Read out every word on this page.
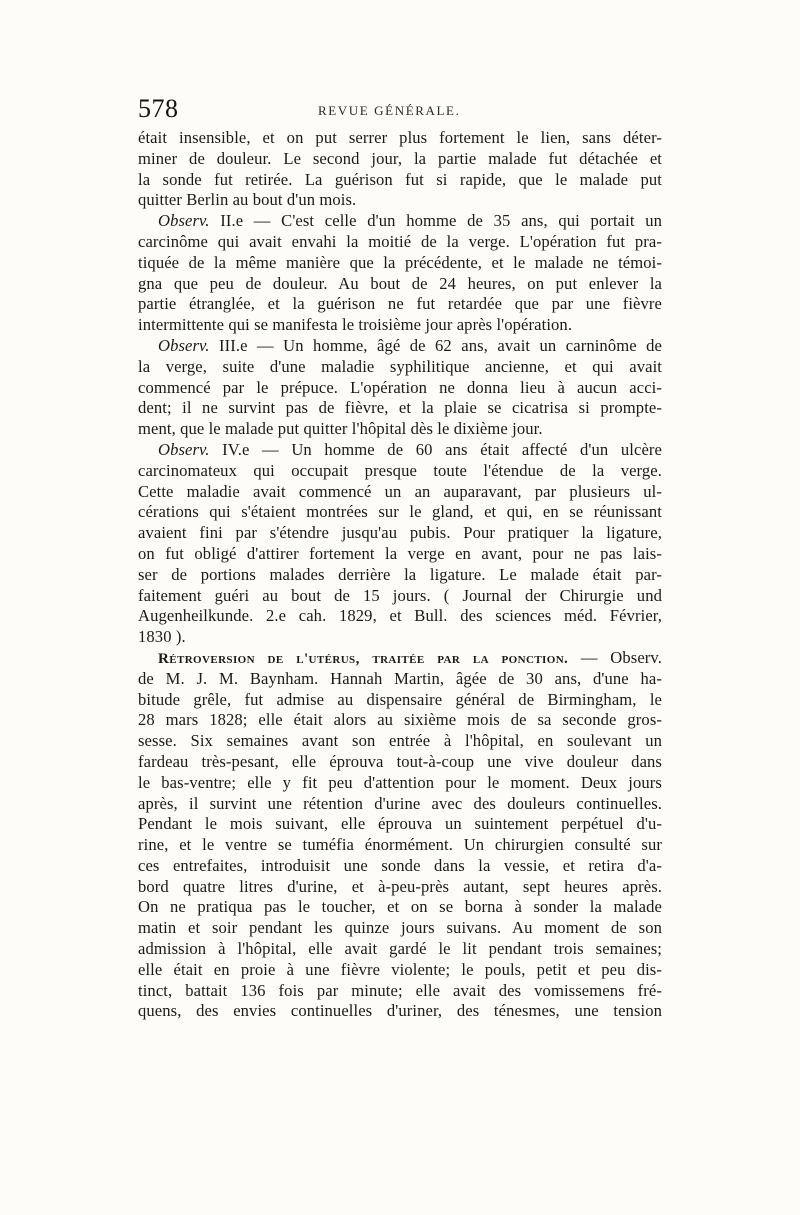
578	REVUE GÉNÉRALE.
était insensible, et on put serrer plus fortement le lien, sans déter-
miner de douleur. Le second jour, la partie malade fut détachée et
la sonde fut retirée. La guérison fut si rapide, que le malade put
quitter Berlin au bout d'un mois.
Observ. II.e — C'est celle d'un homme de 35 ans, qui portait un
carcinôme qui avait envahi la moitié de la verge. L'opération fut pra-
tiquée de la même manière que la précédente, et le malade ne témoi-
gna que peu de douleur. Au bout de 24 heures, on put enlever la
partie étranglée, et la guérison ne fut retardée que par une fièvre
intermittente qui se manifesta le troisième jour après l'opération.
Observ. III.e — Un homme, âgé de 62 ans, avait un carninôme de
la verge, suite d'une maladie syphilitique ancienne, et qui avait
commencé par le prépuce. L'opération ne donna lieu à aucun acci-
dent; il ne survint pas de fièvre, et la plaie se cicatrisa si prompte-
ment, que le malade put quitter l'hôpital dès le dixième jour.
Observ. IV.e — Un homme de 60 ans était affecté d'un ulcère
carcinomateux qui occupait presque toute l'étendue de la verge.
Cette maladie avait commencé un an auparavant, par plusieurs ul-
cérations qui s'étaient montrées sur le gland, et qui, en se réunissant
avaient fini par s'étendre jusqu'au pubis. Pour pratiquer la ligature,
on fut obligé d'attirer fortement la verge en avant, pour ne pas lais-
ser de portions malades derrière la ligature. Le malade était par-
faitement guéri au bout de 15 jours. ( Journal der Chirurgie und
Augenheilkunde. 2.e cah. 1829, et Bull. des sciences méd. Février,
1830 ).
Rétroversion de l'utérus, traitée par la ponction. — Observ.
de M. J. M. Baynham. Hannah Martin, âgée de 30 ans, d'une ha-
bitude grêle, fut admise au dispensaire général de Birmingham, le
28 mars 1828; elle était alors au sixième mois de sa seconde gros-
sesse. Six semaines avant son entrée à l'hôpital, en soulevant un
fardeau très-pesant, elle éprouva tout-à-coup une vive douleur dans
le bas-ventre; elle y fit peu d'attention pour le moment. Deux jours
après, il survint une rétention d'urine avec des douleurs continuelles.
Pendant le mois suivant, elle éprouva un suintement perpétuel d'u-
rine, et le ventre se tuméfia énormément. Un chirurgien consulté sur
ces entrefaites, introduisit une sonde dans la vessie, et retira d'a-
bord quatre litres d'urine, et à-peu-près autant, sept heures après.
On ne pratiqua pas le toucher, et on se borna à sonder la malade
matin et soir pendant les quinze jours suivans. Au moment de son
admission à l'hôpital, elle avait gardé le lit pendant trois semaines;
elle était en proie à une fièvre violente; le pouls, petit et peu dis-
tinct, battait 136 fois par minute; elle avait des vomissemens fré-
quens, des envies continuelles d'uriner, des ténesmes, une tension
